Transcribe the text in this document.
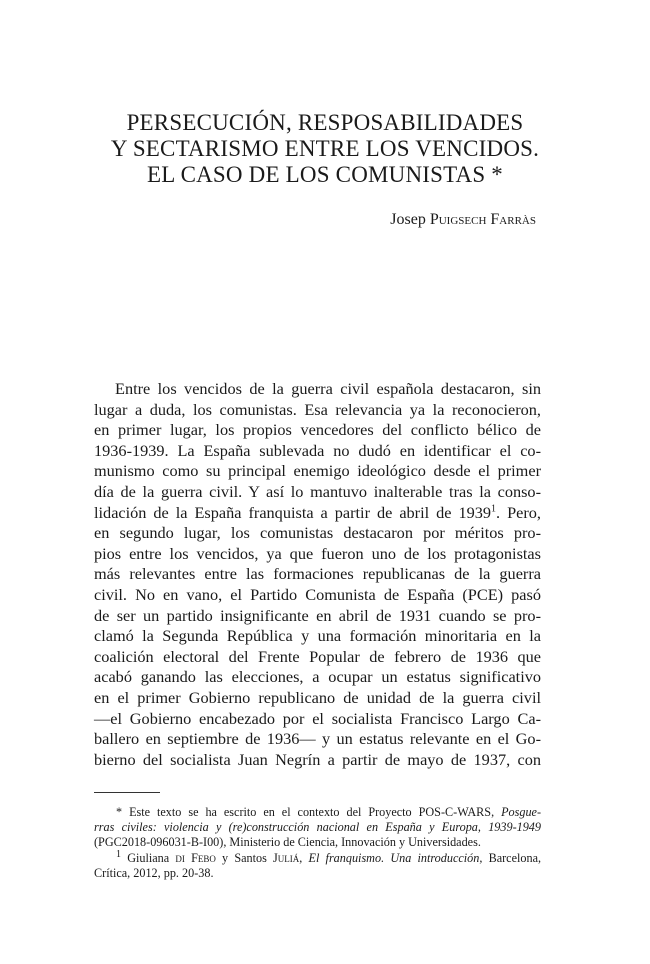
PERSECUCIÓN, RESPOSABILIDADES
Y SECTARISMO ENTRE LOS VENCIDOS.
EL CASO DE LOS COMUNISTAS *
Josep Puigsech Farràs
Entre los vencidos de la guerra civil española destacaron, sin
lugar a duda, los comunistas. Esa relevancia ya la reconocieron,
en primer lugar, los propios vencedores del conflicto bélico de
1936-1939. La España sublevada no dudó en identificar el co-
munismo como su principal enemigo ideológico desde el primer
día de la guerra civil. Y así lo mantuvo inalterable tras la conso-
lidación de la España franquista a partir de abril de 1939$^1$. Pero,
en segundo lugar, los comunistas destacaron por méritos pro-
pios entre los vencidos, ya que fueron uno de los protagonistas
más relevantes entre las formaciones republicanas de la guerra
civil. No en vano, el Partido Comunista de España (PCE) pasó
de ser un partido insignificante en abril de 1931 cuando se pro-
clamó la Segunda República y una formación minoritaria en la
coalición electoral del Frente Popular de febrero de 1936 que
acabó ganando las elecciones, a ocupar un estatus significativo
en el primer Gobierno republicano de unidad de la guerra civil
—el Gobierno encabezado por el socialista Francisco Largo Ca-
ballero en septiembre de 1936— y un estatus relevante en el Go-
bierno del socialista Juan Negrín a partir de mayo de 1937, con
* Este texto se ha escrito en el contexto del Proyecto POS-C-WARS, Posgue-
rras civiles: violencia y (re)construcción nacional en España y Europa, 1939-1949
(PGC2018-096031-B-I00), Ministerio de Ciencia, Innovación y Universidades.
$^1$ Giuliana di Febo y Santos Juliá, El franquismo. Una introducción, Barcelona,
Crítica, 2012, pp. 20-38.
